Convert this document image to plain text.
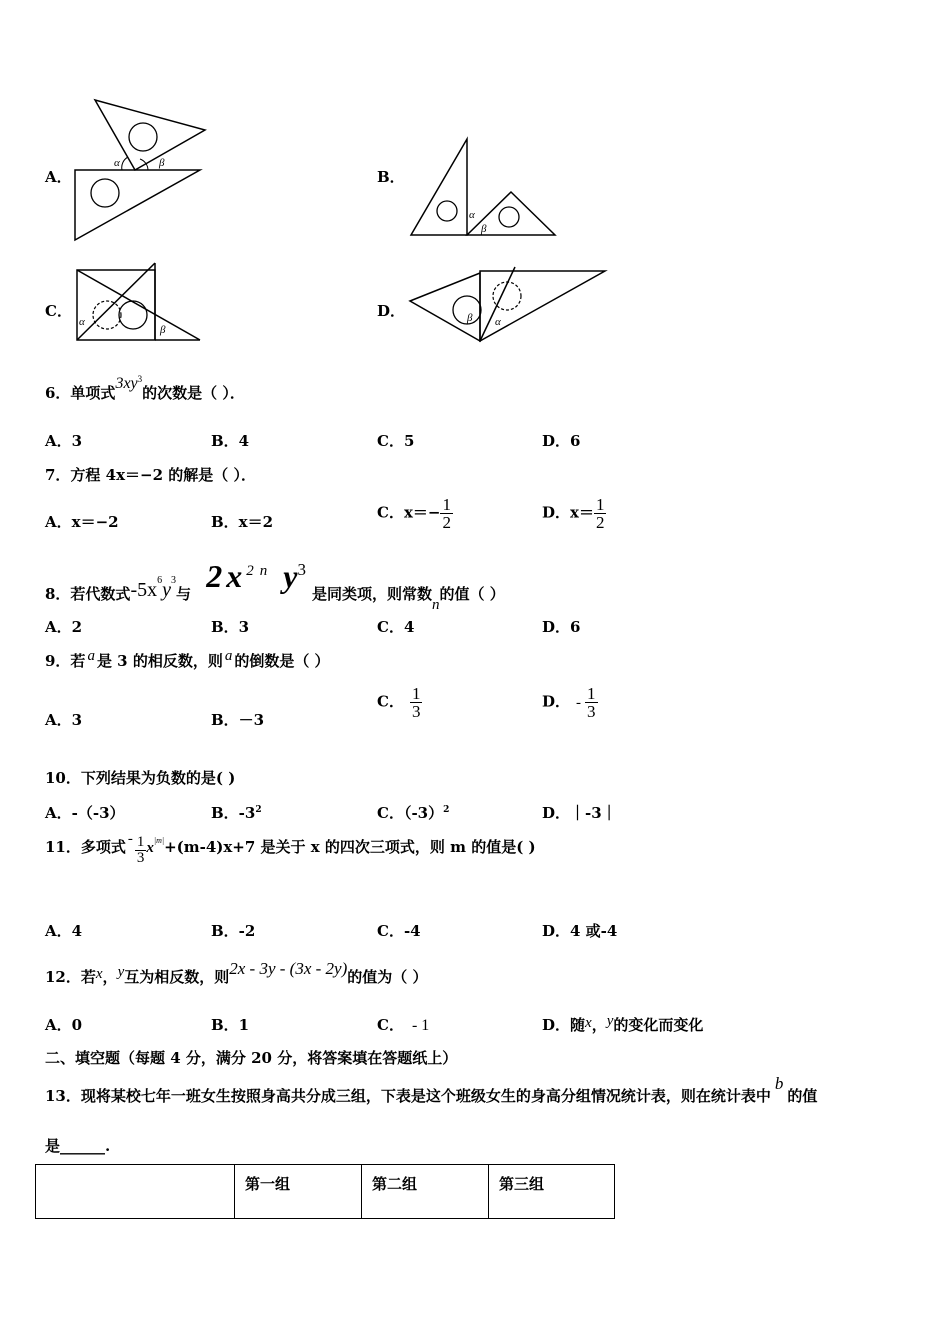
A．	B．
C．	D．
α	β
α
β
α
β
β α
6．单项式$3xy^3$的次数是（ ）．
A．3	B．4	C．5	D．6
7．方程 4x＝−2 的解是（ ）．
A．x＝−2	B．x＝2
C．$x=- \frac{1}{2}$	D．$x= \frac{1}{2}$
8．若代数式$-5x^6y^3$与 $2x^{2n}$ $y^3$是同类项，则常数n的值（ ）
A．2	B．3	C．4	D．6
9．若 a 是 3 的相反数，则 a 的倒数是（ ）
A．3	B．－3
C． $\frac{1}{3}$	D． - $\frac{1}{3}$
10．下列结果为负数的是( )
A．-（-3）	B．$-3^2$	C．$(-3)^2$	D．｜-3｜
11．多项式 - $\frac{1}{3} x^{|m|}+(m-4)x+7$ 是关于 x 的四次三项式，则 m 的值是( )
A．4	B．-2	C．-4	D．4 或-4
12．若x，y互为相反数，则2x - 3y - (3x - 2y)的值为（ ）
A．0	B．1	C． - 1	D．随x，y的变化而变化
二、填空题（每题 4 分，满分 20 分，将答案填在答题纸上）
13．现将某校七年一班女生按照身高共分成三组，下表是这个班级女生的身高分组情况统计表，则在统计表中b的值
是______.
	第一组	第二组	第三组
